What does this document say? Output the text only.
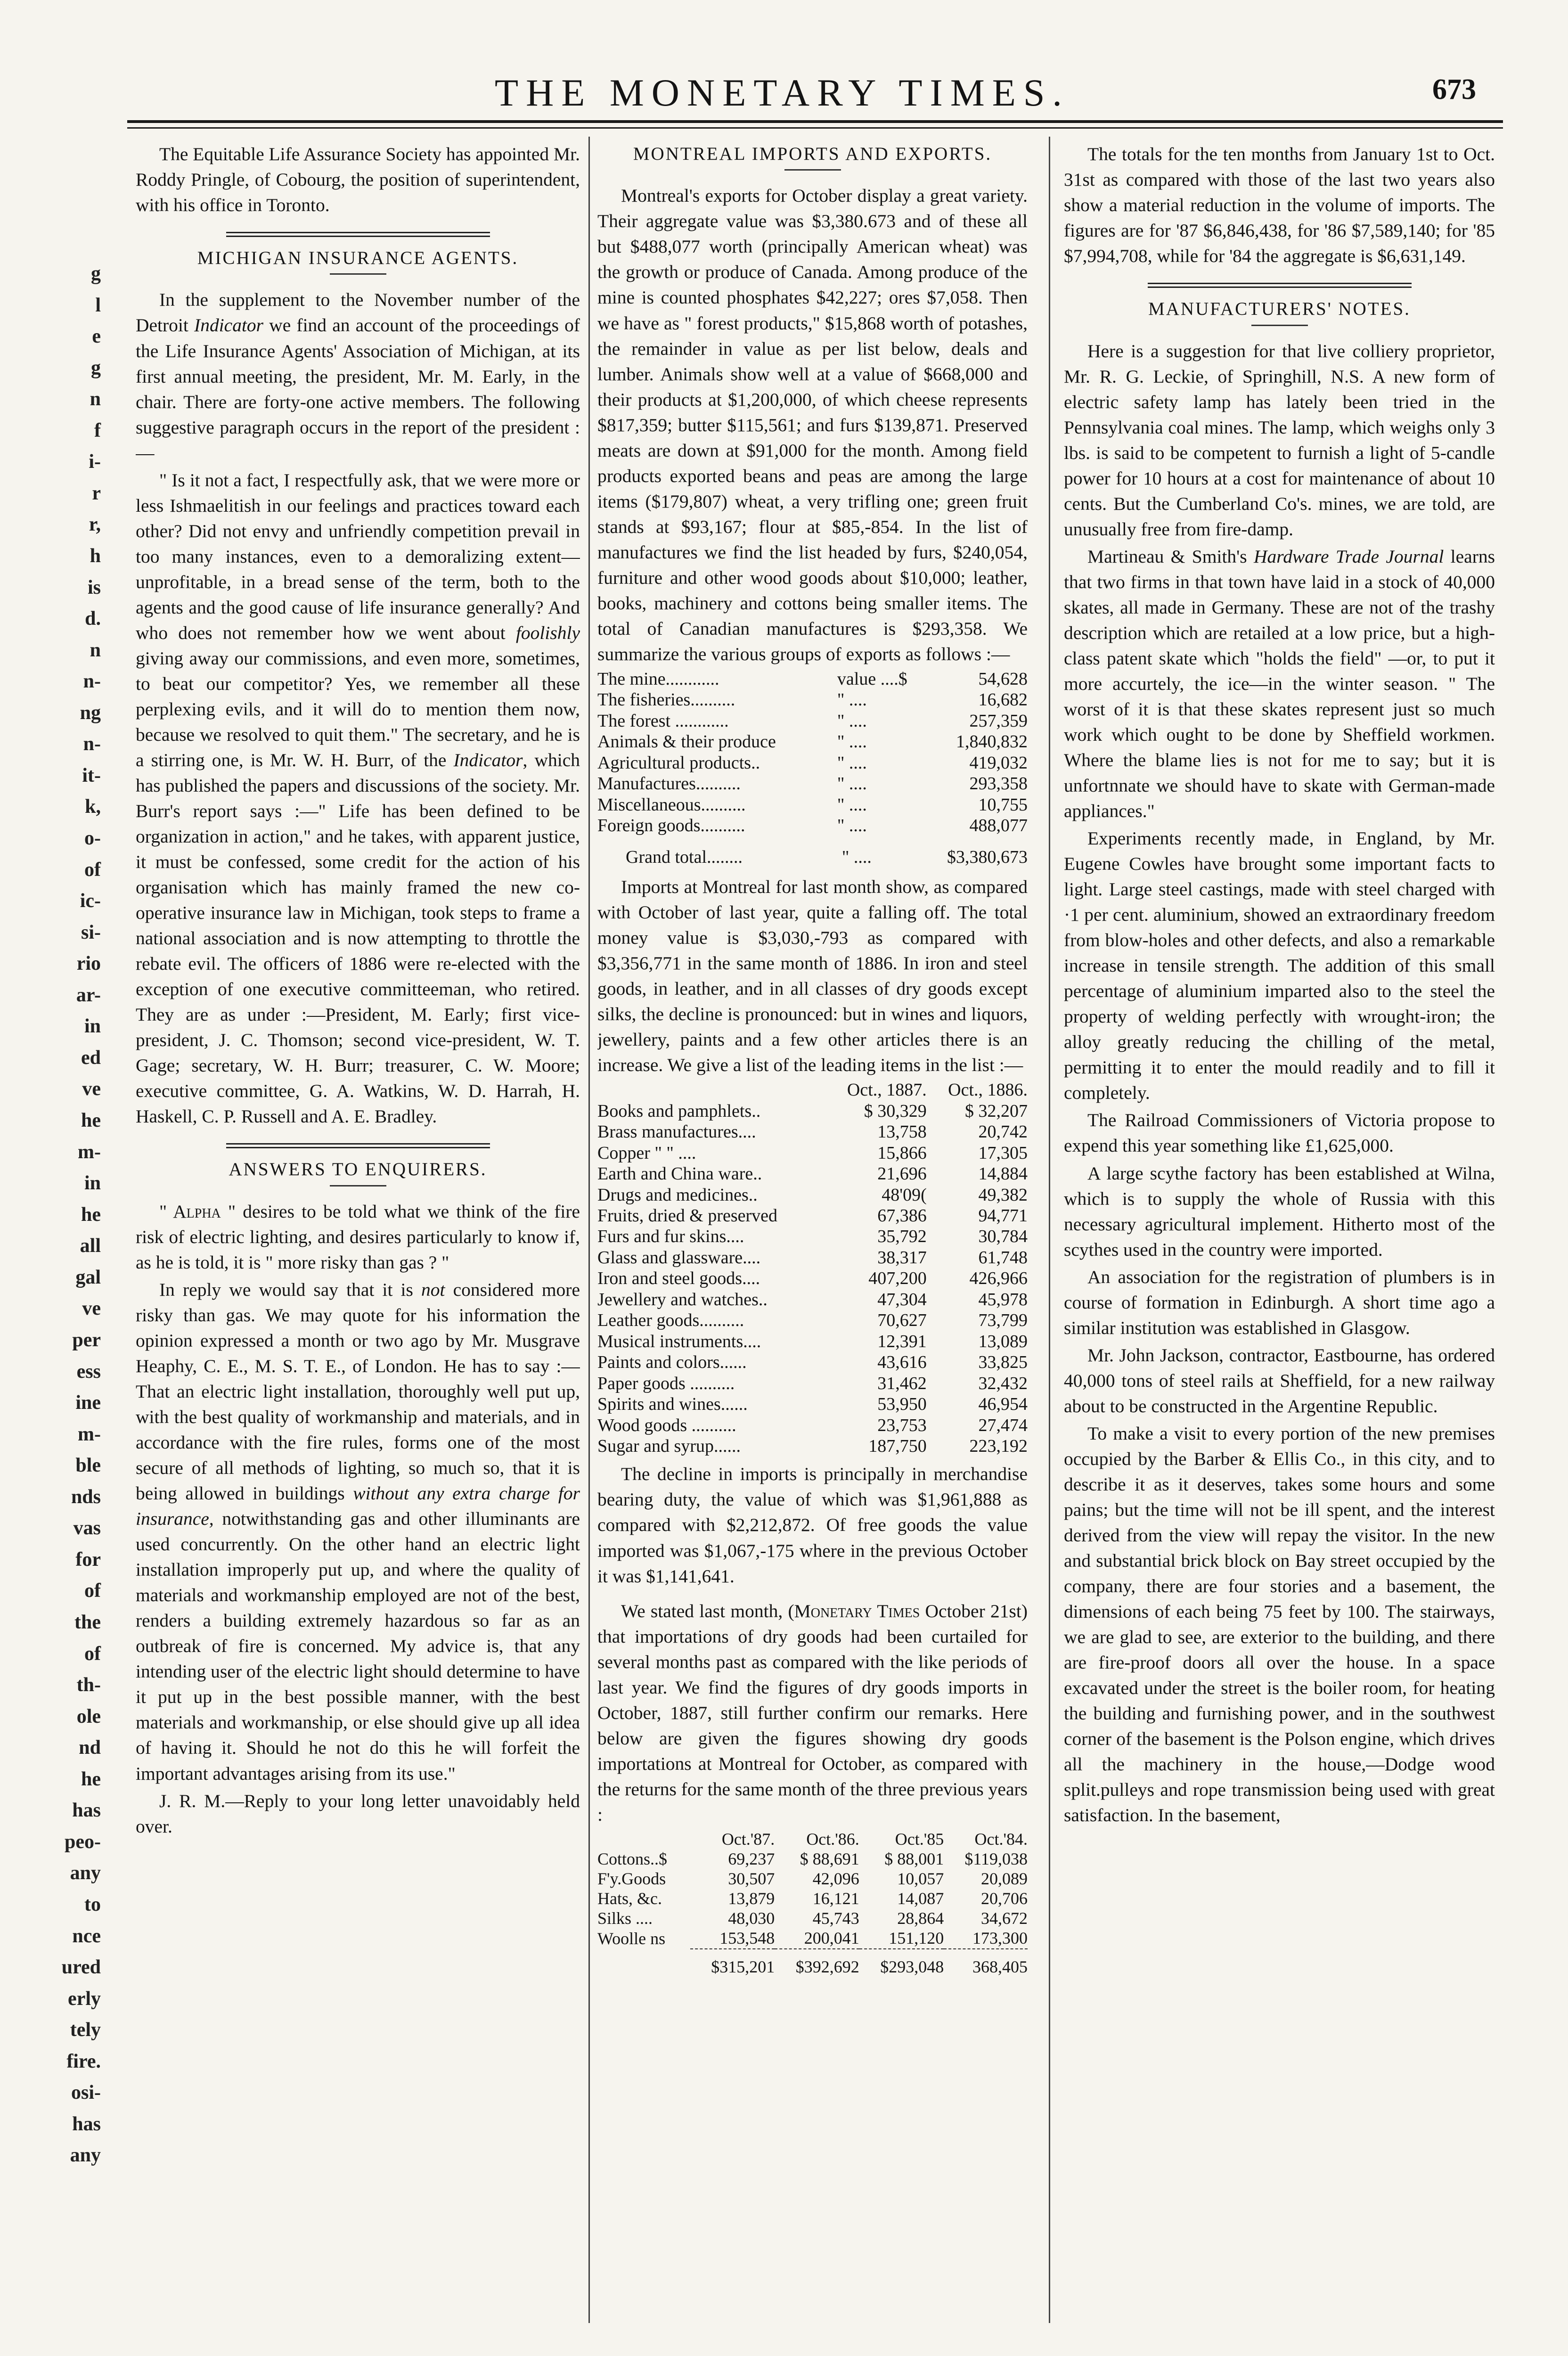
g
l
e
g
n
f
i-
r
r,
h
is
d.
n
n-
ng
n-
it-
k,
o-
of
ic-
si-
rio
ar-
in
ed
ve
he
m-
in
he
all
gal
ve
per
ess
ine
m-
ble
nds
vas
for
of
the
of
th-
ole
nd
he
has
peo-
any
to
nce
ured
erly
tely
fire.
osi-
has
any
THE MONETARY TIMES.	673

The Equitable Life Assurance Society has appointed Mr. Roddy Pringle, of Cobourg, the position of superintendent, with his office in Toronto.

MICHIGAN INSURANCE AGENTS.

In the supplement to the November number of the Detroit Indicator we find an account of the proceedings of the Life Insurance Agents' Association of Michigan, at its first annual meeting, the president, Mr. M. Early, in the chair. There are forty-one active members. The following suggestive paragraph occurs in the report of the president :—

" Is it not a fact, I respectfully ask, that we were more or less Ishmaelitish in our feelings and practices toward each other? Did not envy and unfriendly competition prevail in too many instances, even to a demoralizing extent—unprofitable, in a bread sense of the term, both to the agents and the good cause of life insurance generally? And who does not remember how we went about foolishly giving away our commissions, and even more, sometimes, to beat our competitor? Yes, we remember all these perplexing evils, and it will do to mention them now, because we resolved to quit them." The secretary, and he is a stirring one, is Mr. W. H. Burr, of the Indicator, which has published the papers and discussions of the society. Mr. Burr's report says :—" Life has been defined to be organization in action," and he takes, with apparent justice, it must be confessed, some credit for the action of his organisation which has mainly framed the new co-operative insurance law in Michigan, took steps to frame a national association and is now attempting to throttle the rebate evil. The officers of 1886 were re-elected with the exception of one executive committeeman, who retired. They are as under :—President, M. Early; first vice-president, J. C. Thomson; second vice-president, W. T. Gage; secretary, W. H. Burr; treasurer, C. W. Moore; executive committee, G. A. Watkins, W. D. Harrah, H. Haskell, C. P. Russell and A. E. Bradley.

ANSWERS TO ENQUIRERS.

" Alpha " desires to be told what we think of the fire risk of electric lighting, and desires particularly to know if, as he is told, it is " more risky than gas ? "

In reply we would say that it is not considered more risky than gas. We may quote for his information the opinion expressed a month or two ago by Mr. Musgrave Heaphy, C. E., M. S. T. E., of London. He has to say :—That an electric light installation, thoroughly well put up, with the best quality of workmanship and materials, and in accordance with the fire rules, forms one of the most secure of all methods of lighting, so much so, that it is being allowed in buildings without any extra charge for insurance, notwithstanding gas and other illuminants are used concurrently. On the other hand an electric light installation improperly put up, and where the quality of materials and workmanship employed are not of the best, renders a building extremely hazardous so far as an outbreak of fire is concerned. My advice is, that any intending user of the electric light should determine to have it put up in the best possible manner, with the best materials and workmanship, or else should give up all idea of having it. Should he not do this he will forfeit the important advantages arising from its use."

J. R. M.—Reply to your long letter unavoidably held over.

MONTREAL IMPORTS AND EXPORTS.

Montreal's exports for October display a great variety. Their aggregate value was $3,380.673 and of these all but $488,077 worth (principally American wheat) was the growth or produce of Canada. Among produce of the mine is counted phosphates $42,227; ores $7,058. Then we have as " forest products," $15,868 worth of potashes, the remainder in value as per list below, deals and lumber. Animals show well at a value of $668,000 and their products at $1,200,000, of which cheese represents $817,359; butter $115,561; and furs $139,871. Preserved meats are down at $91,000 for the month. Among field products exported beans and peas are among the large items ($179,807) wheat, a very trifling one; green fruit stands at $93,167; flour at $85,-854. In the list of manufactures we find the list headed by furs, $240,054, furniture and other wood goods about $10,000; leather, books, machinery and cottons being smaller items. The total of Canadian manufactures is $293,358. We summarize the various groups of exports as follows :—

The mine............	value ....$	54,628
The fisheries..........	" ....	16,682
The forest ............	" ....	257,359
Animals & their produce	" ....	1,840,832
Agricultural products..	" ....	419,032
Manufactures..........	" ....	293,358
Miscellaneous..........	" ....	10,755
Foreign goods..........	" ....	488,077
Grand total........	" ....	$3,380,673

Imports at Montreal for last month show, as compared with October of last year, quite a falling off. The total money value is $3,030,-793 as compared with $3,356,771 in the same month of 1886. In iron and steel goods, in leather, and in all classes of dry goods except silks, the decline is pronounced: but in wines and liquors, jewellery, paints and a few other articles there is an increase. We give a list of the leading items in the list :—

	Oct., 1887.	Oct., 1886.
Books and pamphlets..	$ 30,329	$ 32,207
Brass manufactures....	13,758	20,742
Copper " " ....	15,866	17,305
Earth and China ware..	21,696	14,884
Drugs and medicines..	48'09(	49,382
Fruits, dried & preserved	67,386	94,771
Furs and fur skins....	35,792	30,784
Glass and glassware....	38,317	61,748
Iron and steel goods....	407,200	426,966
Jewellery and watches..	47,304	45,978
Leather goods..........	70,627	73,799
Musical instruments....	12,391	13,089
Paints and colors......	43,616	33,825
Paper goods ..........	31,462	32,432
Spirits and wines......	53,950	46,954
Wood goods ..........	23,753	27,474
Sugar and syrup......	187,750	223,192

The decline in imports is principally in merchandise bearing duty, the value of which was $1,961,888 as compared with $2,212,872. Of free goods the value imported was $1,067,-175 where in the previous October it was $1,141,641.

We stated last month, (Monetary Times October 21st) that importations of dry goods had been curtailed for several months past as compared with the like periods of last year. We find the figures of dry goods imports in October, 1887, still further confirm our remarks. Here below are given the figures showing dry goods importations at Montreal for October, as compared with the returns for the same month of the three previous years :

	Oct.'87.	Oct.'86.	Oct.'85	Oct.'84.
Cottons..$	69,237	$ 88,691	$ 88,001	$119,038
F'y.Goods	30,507	42,096	10,057	20,089
Hats, &c.	13,879	16,121	14,087	20,706
Silks ....	48,030	45,743	28,864	34,672
Woolle ns	153,548	200,041	151,120	173,300
	$315,201	$392,692	$293,048	368,405

The totals for the ten months from January 1st to Oct. 31st as compared with those of the last two years also show a material reduction in the volume of imports. The figures are for '87 $6,846,438, for '86 $7,589,140; for '85 $7,994,708, while for '84 the aggregate is $6,631,149.

MANUFACTURERS' NOTES.

Here is a suggestion for that live colliery proprietor, Mr. R. G. Leckie, of Springhill, N.S. A new form of electric safety lamp has lately been tried in the Pennsylvania coal mines. The lamp, which weighs only 3 lbs. is said to be competent to furnish a light of 5-candle power for 10 hours at a cost for maintenance of about 10 cents. But the Cumberland Co's. mines, we are told, are unusually free from fire-damp.

Martineau & Smith's Hardware Trade Journal learns that two firms in that town have laid in a stock of 40,000 skates, all made in Germany. These are not of the trashy description which are retailed at a low price, but a high-class patent skate which "holds the field" —or, to put it more accurtely, the ice—in the winter season. " The worst of it is that these skates represent just so much work which ought to be done by Sheffield workmen. Where the blame lies is not for me to say; but it is unfortnnate we should have to skate with German-made appliances."

Experiments recently made, in England, by Mr. Eugene Cowles have brought some important facts to light. Large steel castings, made with steel charged with ·1 per cent. aluminium, showed an extraordinary freedom from blow-holes and other defects, and also a remarkable increase in tensile strength. The addition of this small percentage of aluminium imparted also to the steel the property of welding perfectly with wrought-iron; the alloy greatly reducing the chilling of the metal, permitting it to enter the mould readily and to fill it completely.

The Railroad Commissioners of Victoria propose to expend this year something like £1,625,000.

A large scythe factory has been established at Wilna, which is to supply the whole of Russia with this necessary agricultural implement. Hitherto most of the scythes used in the country were imported.

An association for the registration of plumbers is in course of formation in Edinburgh. A short time ago a similar institution was established in Glasgow.

Mr. John Jackson, contractor, Eastbourne, has ordered 40,000 tons of steel rails at Sheffield, for a new railway about to be constructed in the Argentine Republic.

To make a visit to every portion of the new premises occupied by the Barber & Ellis Co., in this city, and to describe it as it deserves, takes some hours and some pains; but the time will not be ill spent, and the interest derived from the view will repay the visitor. In the new and substantial brick block on Bay street occupied by the company, there are four stories and a basement, the dimensions of each being 75 feet by 100. The stairways, we are glad to see, are exterior to the building, and there are fire-proof doors all over the house. In a space excavated under the street is the boiler room, for heating the building and furnishing power, and in the southwest corner of the basement is the Polson engine, which drives all the machinery in the house,—Dodge wood split.pulleys and rope transmission being used with great satisfaction. In the basement,
